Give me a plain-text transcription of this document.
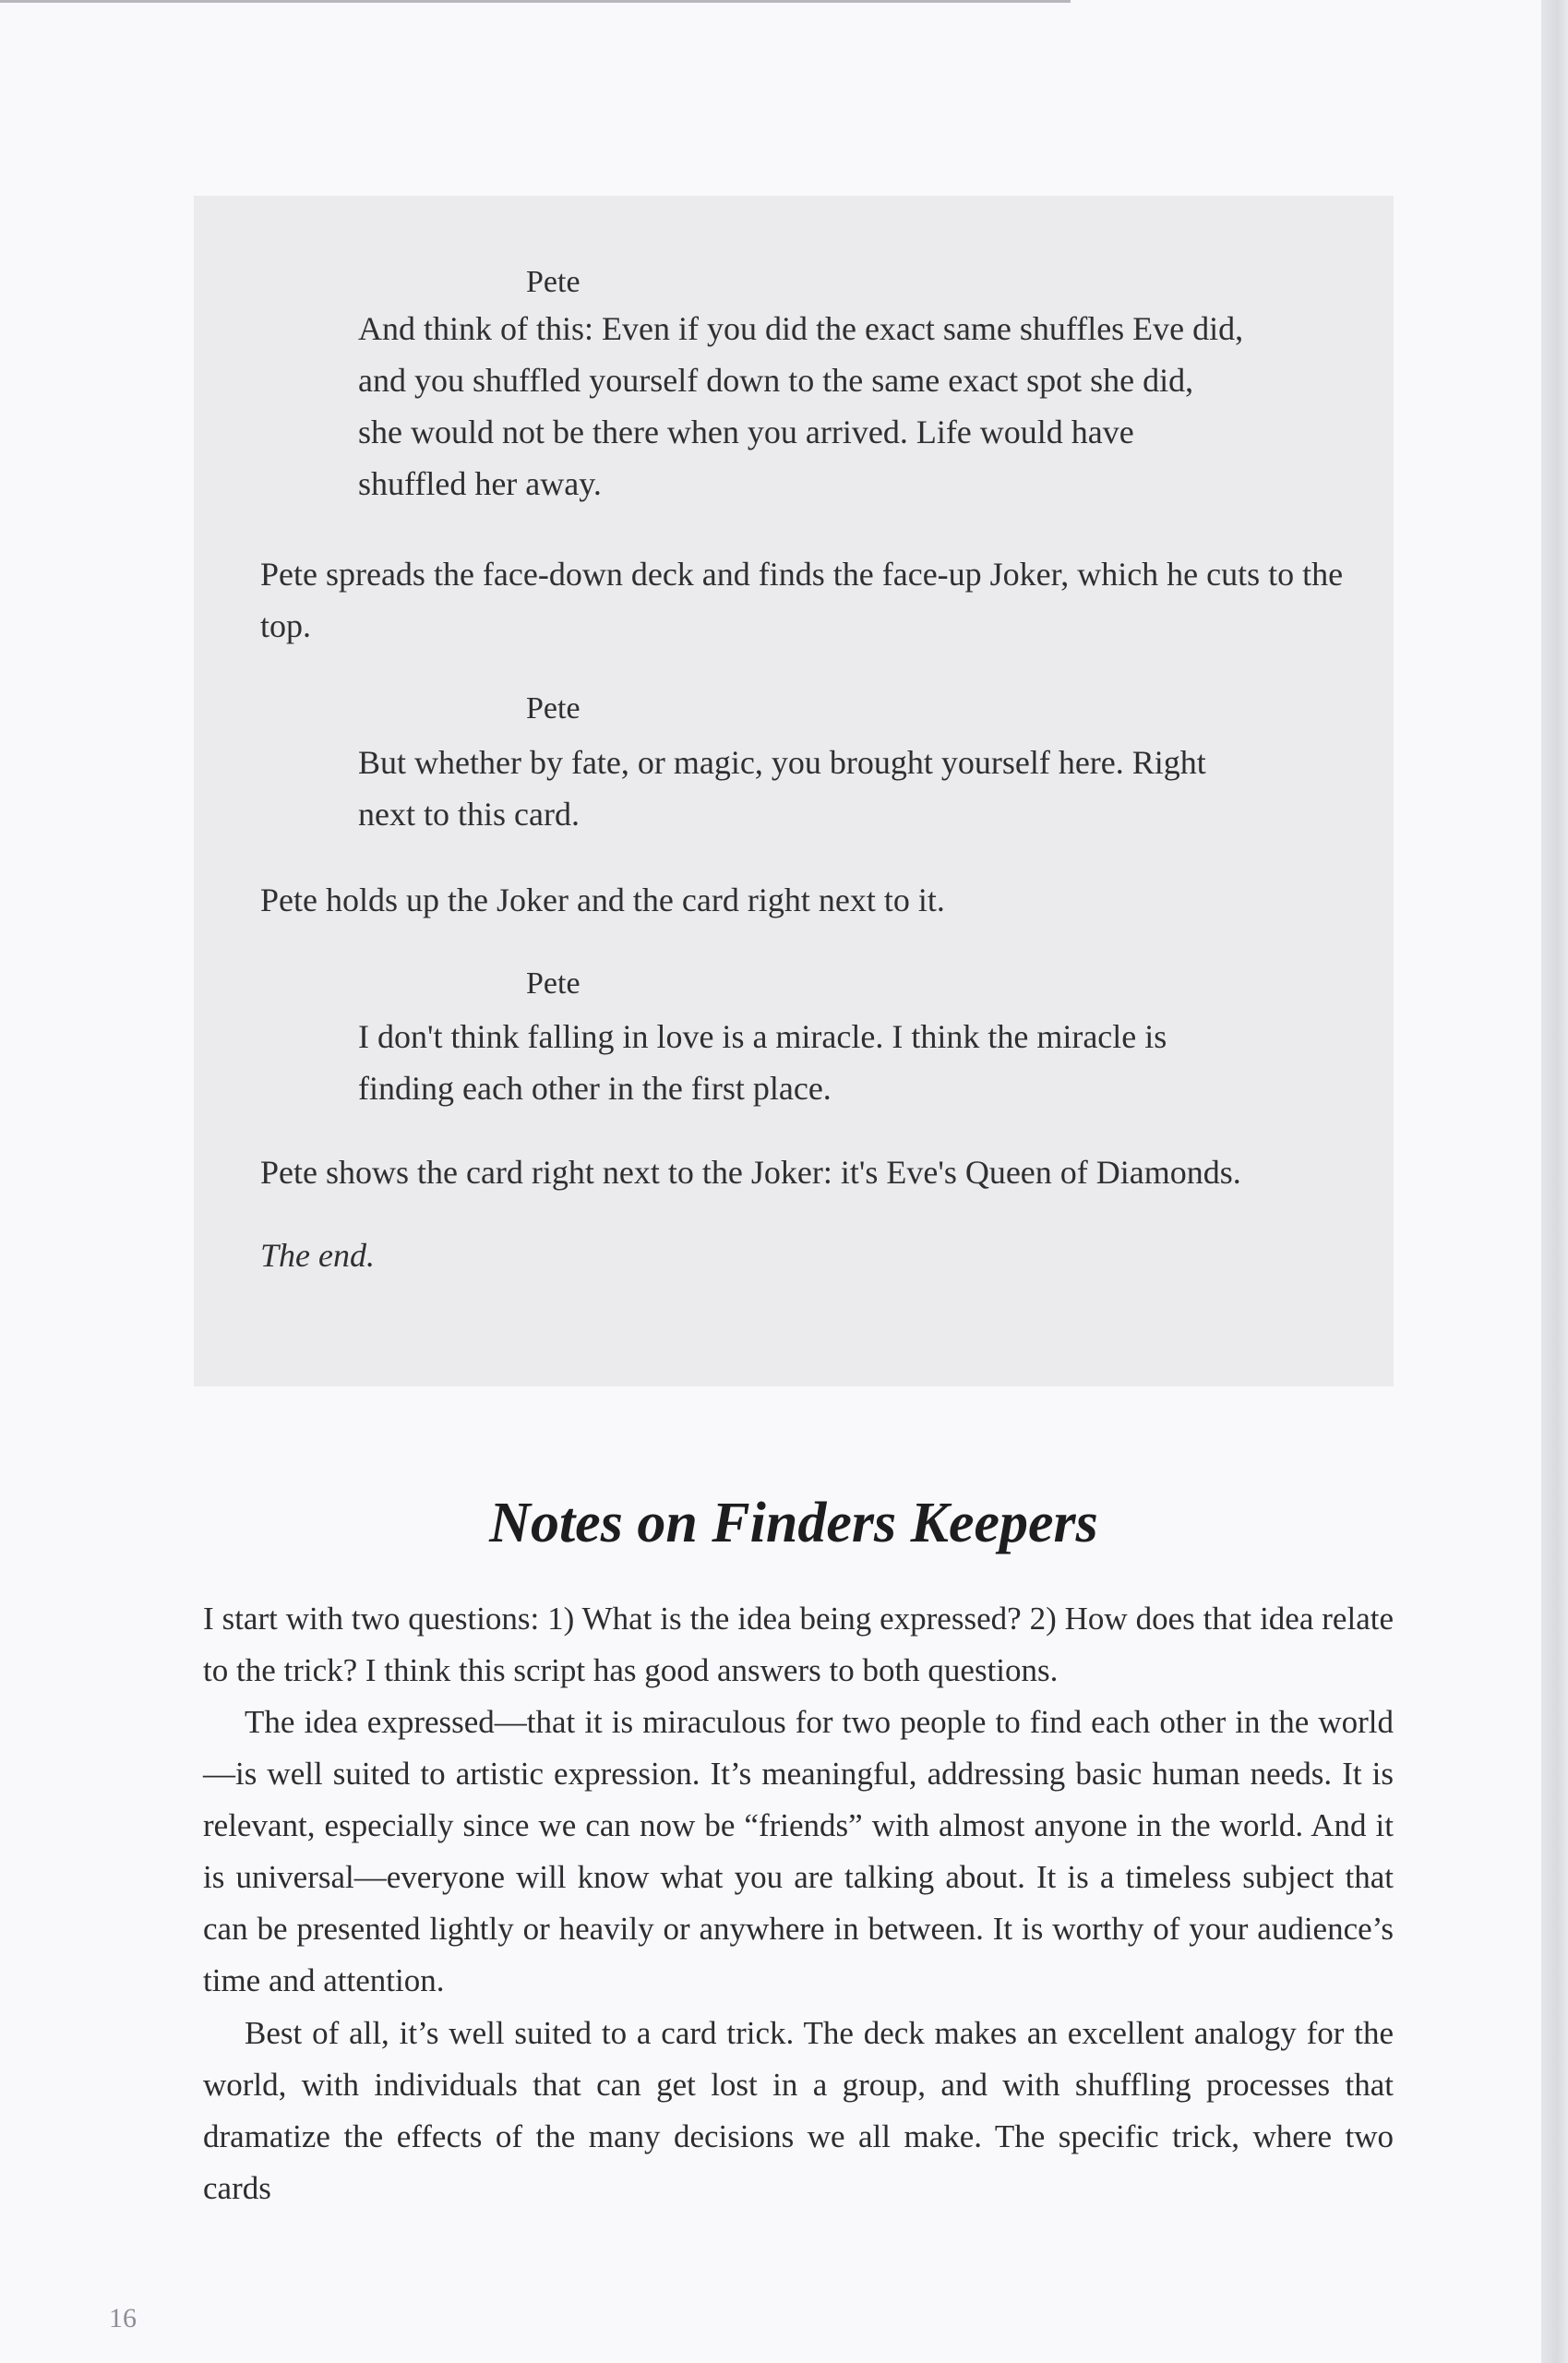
Pete
And think of this: Even if you did the exact same shuffles Eve did, and you shuffled yourself down to the same exact spot she did, she would not be there when you arrived. Life would have shuffled her away.
Pete spreads the face-down deck and finds the face-up Joker, which he cuts to the top.
Pete
But whether by fate, or magic, you brought yourself here. Right next to this card.
Pete holds up the Joker and the card right next to it.
Pete
I don't think falling in love is a miracle. I think the miracle is finding each other in the first place.
Pete shows the card right next to the Joker: it's Eve's Queen of Diamonds.
The end.
Notes on Finders Keepers
I start with two questions: 1) What is the idea being expressed? 2) How does that idea relate to the trick? I think this script has good answers to both questions.
The idea expressed—that it is miraculous for two people to find each other in the world—is well suited to artistic expression. It’s meaningful, addressing basic human needs. It is relevant, especially since we can now be “friends” with almost anyone in the world. And it is universal—everyone will know what you are talking about. It is a timeless subject that can be presented lightly or heavily or anywhere in between. It is worthy of your audience’s time and attention.
Best of all, it’s well suited to a card trick. The deck makes an excellent analogy for the world, with individuals that can get lost in a group, and with shuffling processes that dramatize the effects of the many decisions we all make. The specific trick, where two cards
16
